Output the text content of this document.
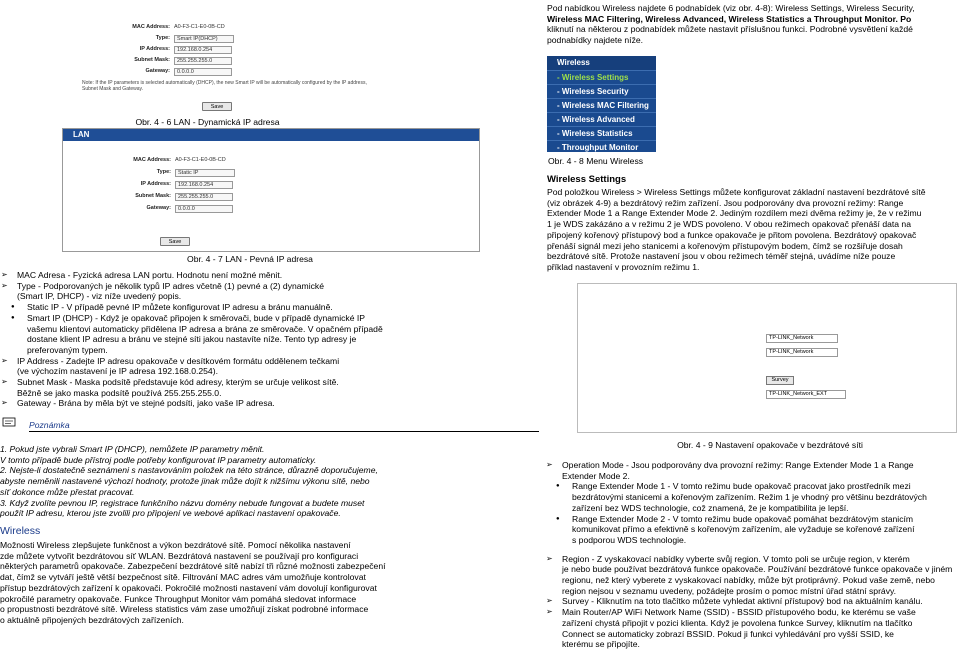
Pod nabídkou Wireless najdete 6 podnabídek (viz obr. 4-8): Wireless Settings, Wireless Security,
Wireless MAC Filtering, Wireless Advanced, Wireless Statistics a Throughput Monitor. Po
kliknutí na některou z podnabídek můžete nastavit příslušnou funkci. Podrobné vysvětlení každé
podnabídky najdete níže.
MAC Address: A0-F3-C1-E0-0B-CD
Type:	Smart IP(DHCP)
IP Address:	192.168.0.254
Subnet Mask:	255.255.255.0
Gateway:	0.0.0.0
Note: If the IP parameters is selected automatically (DHCP), the new Smart IP will be automatically configured by the IP address, Subnet Mask and Gateway.
Save
Obr. 4 - 6 LAN - Dynamická IP adresa
LAN
MAC Address: A0-F3-C1-E0-0B-CD
Type:	Static IP
IP Address:	192.168.0.254
Subnet Mask:	255.255.255.0
Gateway:	0.0.0.0
Save
Obr. 4 - 7 LAN - Pevná IP adresa
Wireless
- Wireless Settings
- Wireless Security
- Wireless MAC Filtering
- Wireless Advanced
- Wireless Statistics
- Throughput Monitor
Obr. 4 - 8 Menu Wireless
Wireless Settings
Pod položkou Wireless > Wireless Settings můžete konfigurovat základní nastavení bezdrátové sítě
(viz obrázek 4-9) a bezdrátový režim zařízení. Jsou podporovány dva provozní režimy: Range
Extender Mode 1 a Range Extender Mode 2. Jediným rozdílem mezi dvěma režimy je, že v režimu
1 je WDS zakázáno a v režimu 2 je WDS povoleno. V obou režimech opakovač přenáší data na
připojený kořenový přístupový bod a funkce opakovače je přitom povolena. Bezdrátový opakovač
přenáší signál mezi jeho stanicemi a kořenovým přístupovým bodem, čímž se rozšiřuje dosah
bezdrátové sítě. Protože nastavení jsou v obou režimech téměř stejná, uvádíme níže pouze
příklad nastavení v provozním režimu 1.
TP-LINK_Network
TP-LINK_Network
Survey
TP-LINK_Network_EXT
Obr. 4 - 9 Nastavení opakovače v bezdrátové síti
➢	MAC Adresa - Fyzická adresa LAN portu. Hodnotu není možné měnit.
➢	Type - Podporovaných je několik typů IP adres včetně (1) pevné a (2) dynamické
(Smart IP, DHCP) - viz níže uvedený popis.
●	Static IP - V případě pevné IP můžete konfigurovat IP adresu a bránu manuálně.
●	Smart IP (DHCP) - Když je opakovač připojen k směrovači, bude v případě dynamické IP
vašemu klientovi automaticky přidělena IP adresa a brána ze směrovače. V opačném případě
dostane klient IP adresu a bránu ve stejné síti jakou nastavíte níže. Tento typ adresy je
preferovaným typem.
➢	IP Address - Zadejte IP adresu opakovače v desítkovém formátu oddělenem tečkami
(ve výchozím nastavení je IP adresa 192.168.0.254).
➢	Subnet Mask - Maska podsítě představuje kód adresy, kterým se určuje velikost sítě.
Běžně se jako maska podsítě používá 255.255.255.0.
➢	Gateway - Brána by měla být ve stejné podsíti, jako vaše IP adresa.
Poznámka
1. Pokud jste vybrali Smart IP (DHCP), nemůžete IP parametry měnit.
V tomto případě bude přístroj podle potřeby konfigurovat IP parametry automaticky.
2. Nejste-li dostatečně seznámeni s nastavováním položek na této stránce, důrazně doporučujeme,
abyste neměnili nastavené výchozí hodnoty, protože jinak může dojít k nižšímu výkonu sítě, nebo
síť dokonce může přestat pracovat.
3. Když zvolíte pevnou IP, registrace funkčního názvu domény nebude fungovat a budete muset
použít IP adresu, kterou jste zvolili pro připojení ve webové aplikaci nastavení opakovače.
Wireless
Možnosti Wireless zlepšujete funkčnost a výkon bezdrátové sítě. Pomocí několika nastavení
zde můžete vytvořit bezdrátovou síť WLAN. Bezdrátová nastavení se používají pro konfiguraci
některých parametrů opakovače. Zabezpečení bezdrátové sítě nabízí tři různé možnosti zabezpečení
dat, čímž se vytváří ještě větší bezpečnost sítě. Filtrování MAC adres vám umožňuje kontrolovat
přístup bezdrátových zařízení k opakovači. Pokročilé možnosti nastavení vám dovolují konfigurovat
pokročilé parametry opakovače. Funkce Throughput Monitor vám pomáhá sledovat informace
o propustnosti bezdrátové sítě. Wireless statistics vám zase umožňují získat podrobné informace
o aktuálně připojených bezdrátových zařízeních.
➢	Operation Mode - Jsou podporovány dva provozní režimy: Range Extender Mode 1 a Range
Extender Mode 2.
●	Range Extender Mode 1 - V tomto režimu bude opakovač pracovat jako prostředník mezi
bezdrátovými stanicemi a kořenovým zařízením. Režim 1 je vhodný pro většinu bezdrátových
zařízení bez WDS technologie, což znamená, že je kompatibilita je lepší.
●	Range Extender Mode 2 - V tomto režimu bude opakovač pomáhat bezdrátovým stanicím
komunikovat přímo a efektivně s kořenovým zařízením, ale vyžaduje se kořenové zařízení
s podporou WDS technologie.
➢	Region - Z vyskakovací nabídky vyberte svůj region. V tomto poli se určuje region, v kterém
je nebo bude používat bezdrátová funkce opakovače. Používání bezdrátové funkce opakovače v jiném
regionu, než který vyberete z vyskakovací nabídky, může být protiprávný. Pokud vaše země, nebo
region nejsou v seznamu uvedeny, požádejte prosím o pomoc místní úřad státní správy.
➢	Survey - Kliknutím na toto tlačítko můžete vyhledat aktivní přístupový bod na aktuálním kanálu.
➢	Main Router/AP WiFi Network Name (SSID) - BSSID přístupového bodu, ke kterému se vaše
zařízení chystá připojit v pozici klienta. Když je povolena funkce Survey, kliknutím na tlačítko
Connect se automaticky zobrazí BSSID. Pokud ji funkci vyhledávání pro vyšší SSID, ke
kterému se připojíte.
